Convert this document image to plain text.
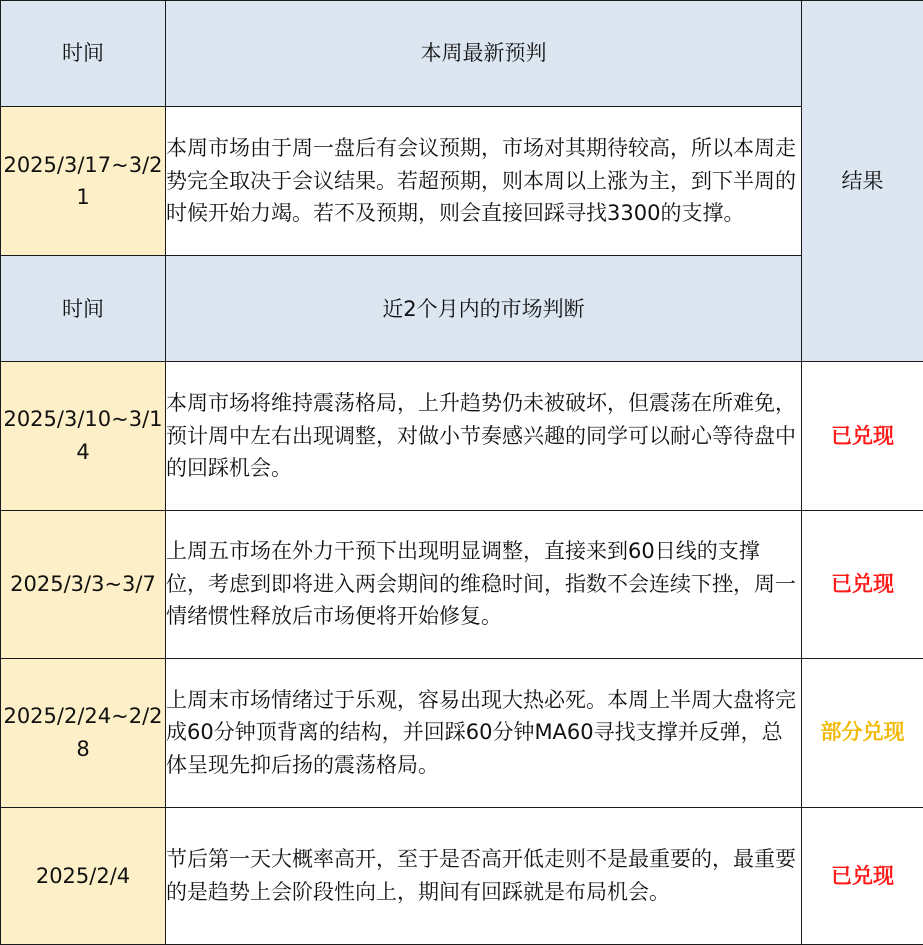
时间	本周最新预判	结果
2025/3/17~3/21	本周市场由于周一盘后有会议预期，市场对其期待较高，所以本周走势完全取决于会议结果。若超预期，则本周以上涨为主，到下半周的时候开始力竭。若不及预期，则会直接回踩寻找3300的支撑。	
时间	近2个月内的市场判断	
2025/3/10~3/14	本周市场将维持震荡格局，上升趋势仍未被破坏，但震荡在所难免，预计周中左右出现调整，对做小节奏感兴趣的同学可以耐心等待盘中的回踩机会。	已兑现
2025/3/3~3/7	上周五市场在外力干预下出现明显调整，直接来到60日线的支撑位，考虑到即将进入两会期间的维稳时间，指数不会连续下挫，周一情绪惯性释放后市场便将开始修复。	已兑现
2025/2/24~2/28	上周末市场情绪过于乐观，容易出现大热必死。本周上半周大盘将完成60分钟顶背离的结构，并回踩60分钟MA60寻找支撑并反弹，总体呈现先抑后扬的震荡格局。	部分兑现
2025/2/4	节后第一天大概率高开，至于是否高开低走则不是最重要的，最重要的是趋势上会阶段性向上，期间有回踩就是布局机会。	已兑现
